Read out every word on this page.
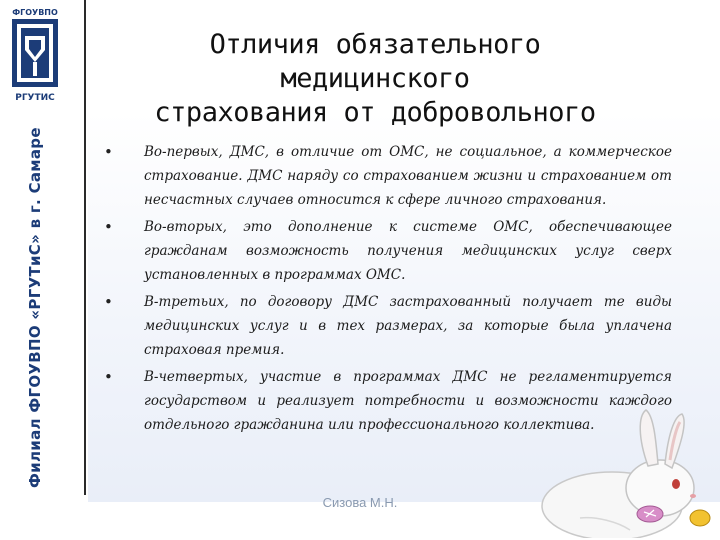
ФГОУВПО
РГУТИС
Филиал ФГОУВПО «РГУТиС» в г. Самаре
Отличия обязательного медицинского
страхования от добровольного
• Во-первых, ДМС, в отличие от ОМС, не социальное, а коммерческое страхование. ДМС наряду со страхованием жизни и страхованием от несчастных случаев относится к сфере личного страхования.
• Во-вторых, это дополнение к системе ОМС, обеспечивающее гражданам возможность получения медицинских услуг сверх установленных в программах ОМС.
• В-третьих, по договору ДМС застрахованный получает те виды медицинских услуг и в тех размерах, за которые была уплачена страховая премия.
• В-четвертых, участие в программах ДМС не регламентируется государством и реализует потребности и возможности каждого отдельного гражданина или профессионального коллектива.
Сизова М.Н.
